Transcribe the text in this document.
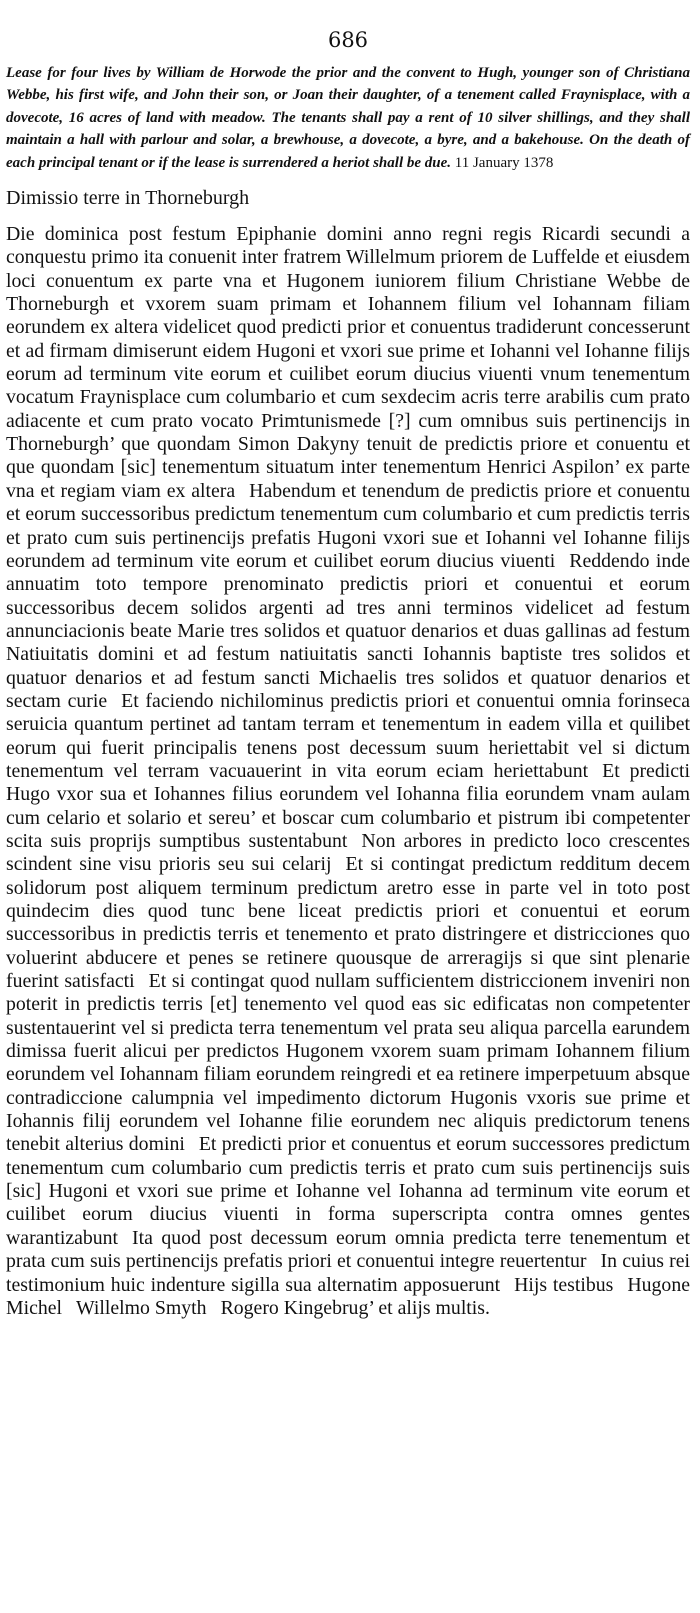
686

Lease for four lives by William de Horwode the prior and the convent to Hugh, younger son of Christiana Webbe, his first wife, and John their son, or Joan their daughter, of a tenement called Fraynisplace, with a dovecote, 16 acres of land with meadow. The tenants shall pay a rent of 10 silver shillings, and they shall maintain a hall with parlour and solar, a brewhouse, a dovecote, a byre, and a bakehouse. On the death of each principal tenant or if the lease is surrendered a heriot shall be due. 11 January 1378

Dimissio terre in Thorneburgh

Die dominica post festum Epiphanie domini anno regni regis Ricardi secundi a conquestu primo ita conuenit inter fratrem Willelmum priorem de Luffelde et eiusdem loci conuentum ex parte vna et Hugonem iuniorem filium Christiane Webbe de Thorneburgh et vxorem suam primam et Iohannem filium vel Iohannam filiam eorundem ex altera videlicet quod predicti prior et conuentus tradiderunt concesserunt et ad firmam dimiserunt eidem Hugoni et vxori sue prime et Iohanni vel Iohanne filijs eorum ad terminum vite eorum et cuilibet eorum diucius viuenti vnum tenementum vocatum Fraynisplace cum columbario et cum sexdecim acris terre arabilis cum prato adiacente et cum prato vocato Primtunismede [?] cum omnibus suis pertinencijs in Thorneburgh’ que quondam Simon Dakyny tenuit de predictis priore et conuentu et que quondam [sic] tenementum situatum inter tenementum Henrici Aspilon’ ex parte vna et regiam viam ex altera Habendum et tenendum de predictis priore et conuentu et eorum successoribus predictum tenementum cum columbario et cum predictis terris et prato cum suis pertinencijs prefatis Hugoni vxori sue et Iohanni vel Iohanne filijs eorundem ad terminum vite eorum et cuilibet eorum diucius viuenti Reddendo inde annuatim toto tempore prenominato predictis priori et conuentui et eorum successoribus decem solidos argenti ad tres anni terminos videlicet ad festum annunciacionis beate Marie tres solidos et quatuor denarios et duas gallinas ad festum Natiuitatis domini et ad festum natiuitatis sancti Iohannis baptiste tres solidos et quatuor denarios et ad festum sancti Michaelis tres solidos et quatuor denarios et sectam curie Et faciendo nichilominus predictis priori et conuentui omnia forinseca seruicia quantum pertinet ad tantam terram et tenementum in eadem villa et quilibet eorum qui fuerit principalis tenens post decessum suum heriettabit vel si dictum tenementum vel terram vacuauerint in vita eorum eciam heriettabunt Et predicti Hugo vxor sua et Iohannes filius eorundem vel Iohanna filia eorundem vnam aulam cum celario et solario et sereu’ et boscar cum columbario et pistrum ibi competenter scita suis proprijs sumptibus sustentabunt Non arbores in predicto loco crescentes scindent sine visu prioris seu sui celarij Et si contingat predictum redditum decem solidorum post aliquem terminum predictum aretro esse in parte vel in toto post quindecim dies quod tunc bene liceat predictis priori et conuentui et eorum successoribus in predictis terris et tenemento et prato distringere et districciones quo voluerint abducere et penes se retinere quousque de arreragijs si que sint plenarie fuerint satisfacti Et si contingat quod nullam sufficientem districcionem inveniri non poterit in predictis terris [et] tenemento vel quod eas sic edificatas non competenter sustentauerint vel si predicta terra tenementum vel prata seu aliqua parcella earundem dimissa fuerit alicui per predictos Hugonem vxorem suam primam Iohannem filium eorundem vel Iohannam filiam eorundem reingredi et ea retinere imperpetuum absque contradiccione calumpnia vel impedimento dictorum Hugonis vxoris sue prime et Iohannis filij eorundem vel Iohanne filie eorundem nec aliquis predictorum tenens tenebit alterius domini Et predicti prior et conuentus et eorum successores predictum tenementum cum columbario cum predictis terris et prato cum suis pertinencijs suis [sic] Hugoni et vxori sue prime et Iohanne vel Iohanna ad terminum vite eorum et cuilibet eorum diucius viuenti in forma superscripta contra omnes gentes warantizabunt Ita quod post decessum eorum omnia predicta terre tenementum et prata cum suis pertinencijs prefatis priori et conuentui integre reuertentur In cuius rei testimonium huic indenture sigilla sua alternatim apposuerunt Hijs testibus Hugone Michel Willelmo Smyth Rogero Kingebrug’ et alijs multis.
